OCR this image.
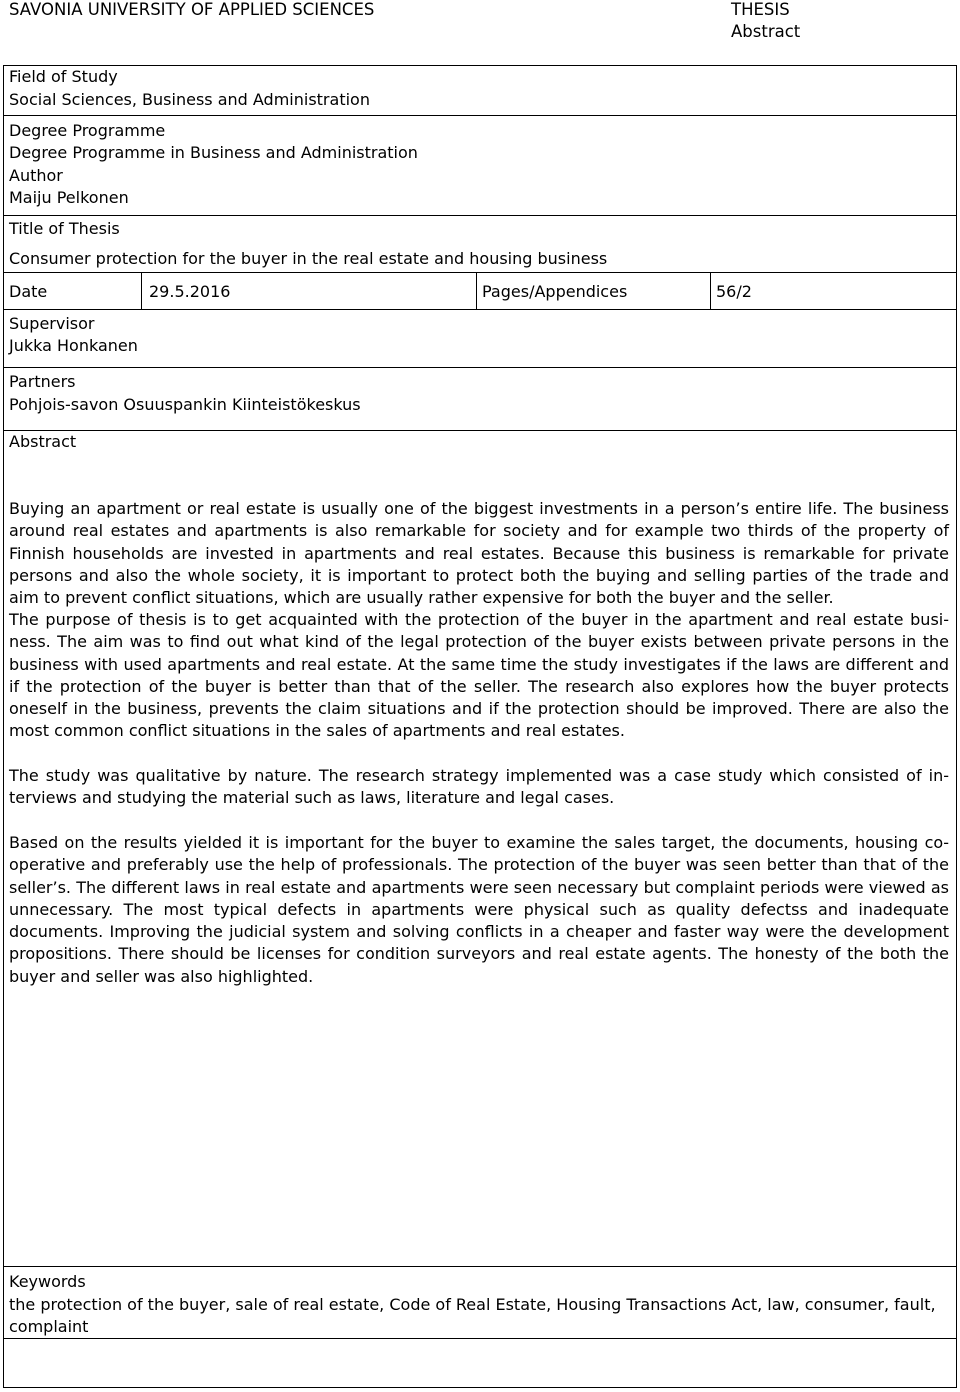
SAVONIA UNIVERSITY OF APPLIED SCIENCES	THESIS
Abstract
Field of Study
Social Sciences, Business and Administration
Degree Programme
Degree Programme in Business and Administration
Author
Maiju Pelkonen
Title of Thesis
Consumer protection for the buyer in the real estate and housing business
Date	29.5.2016	Pages/Appendices	56/2
Supervisor
Jukka Honkanen
Partners
Pohjois-savon Osuuspankin Kiinteistökeskus
Abstract
Buying an apartment or real estate is usually one of the biggest investments in a person’s entire life. The business around real estates and apartments is also remarkable for society and for example two thirds of the property of Finnish households are invested in apartments and real estates. Because this business is remarkable for private persons and also the whole society, it is important to protect both the buying and selling parties of the trade and aim to prevent conflict situations, which are usually rather expensive for both the buyer and the seller.
The purpose of thesis is to get acquainted with the protection of the buyer in the apartment and real estate business. The aim was to find out what kind of the legal protection of the buyer exists between private persons in the business with used apartments and real estate. At the same time the study investigates if the laws are different and if the protection of the buyer is better than that of the seller. The research also explores how the buyer protects oneself in the business, prevents the claim situations and if the protection should be improved. There are also the most common conflict situations in the sales of apartments and real estates.
The study was qualitative by nature. The research strategy implemented was a case study which consisted of interviews and studying the material such as laws, literature and legal cases.
Based on the results yielded it is important for the buyer to examine the sales target, the documents, housing cooperative and preferably use the help of professionals. The protection of the buyer was seen better than that of the seller’s. The different laws in real estate and apartments were seen necessary but complaint periods were viewed as unnecessary. The most typical defects in apartments were physical such as quality defectss and inadequate documents. Improving the judicial system and solving conflicts in a cheaper and faster way were the development propositions. There should be licenses for condition surveyors and real estate agents. The honesty of the both the buyer and seller was also highlighted.
Keywords
the protection of the buyer, sale of real estate, Code of Real Estate, Housing Transactions Act, law, consumer, fault, complaint
